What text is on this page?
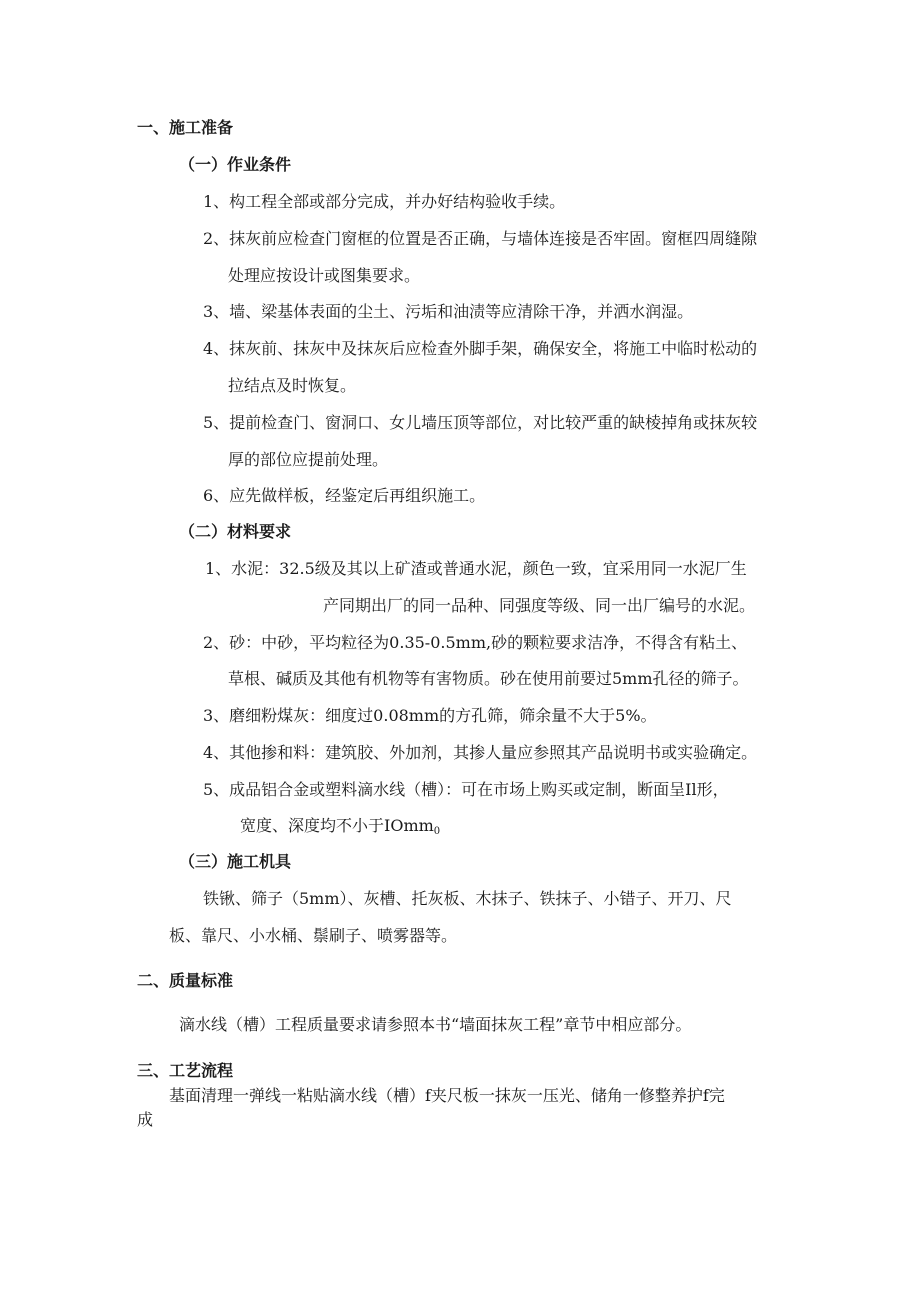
一、施工准备

（一）作业条件

1、构工程全部或部分完成，并办好结构验收手续。

2、抹灰前应检查门窗框的位置是否正确，与墙体连接是否牢固。窗框四周缝隙

处理应按设计或图集要求。

3、墙、梁基体表面的尘土、污垢和油渍等应清除干净，并洒水润湿。

4、抹灰前、抹灰中及抹灰后应检查外脚手架，确保安全，将施工中临时松动的

拉结点及时恢复。

5、提前检查门、窗洞口、女儿墙压顶等部位，对比较严重的缺棱掉角或抹灰较

厚的部位应提前处理。

6、应先做样板，经鉴定后再组织施工。

（二）材料要求

1、水泥：32.5级及其以上矿渣或普通水泥，颜色一致，宜采用同一水泥厂生

产同期出厂的同一品种、同强度等级、同一出厂编号的水泥。

2、砂：中砂，平均粒径为0.35-0.5mm,砂的颗粒要求洁净，不得含有粘土、

草根、碱质及其他有机物等有害物质。砂在使用前要过5mm孔径的筛子。

3、磨细粉煤灰：细度过0.08mm的方孔筛，筛余量不大于5%。

4、其他掺和料：建筑胶、外加剂，其掺人量应参照其产品说明书或实验确定。

5、成品铝合金或塑料滴水线（槽）：可在市场上购买或定制，断面呈Il形，

宽度、深度均不小于IOmm$_0$

（三）施工机具

铁锹、筛子（5mm）、灰槽、托灰板、木抹子、铁抹子、小错子、开刀、尺

板、靠尺、小水桶、鬃刷子、喷雾器等。

二、质量标准

滴水线（槽）工程质量要求请参照本书“墙面抹灰工程”章节中相应部分。

三、工艺流程

基面清理一弹线一粘贴滴水线（槽）f夹尺板一抹灰一压光、储角一修整养护f完

成
